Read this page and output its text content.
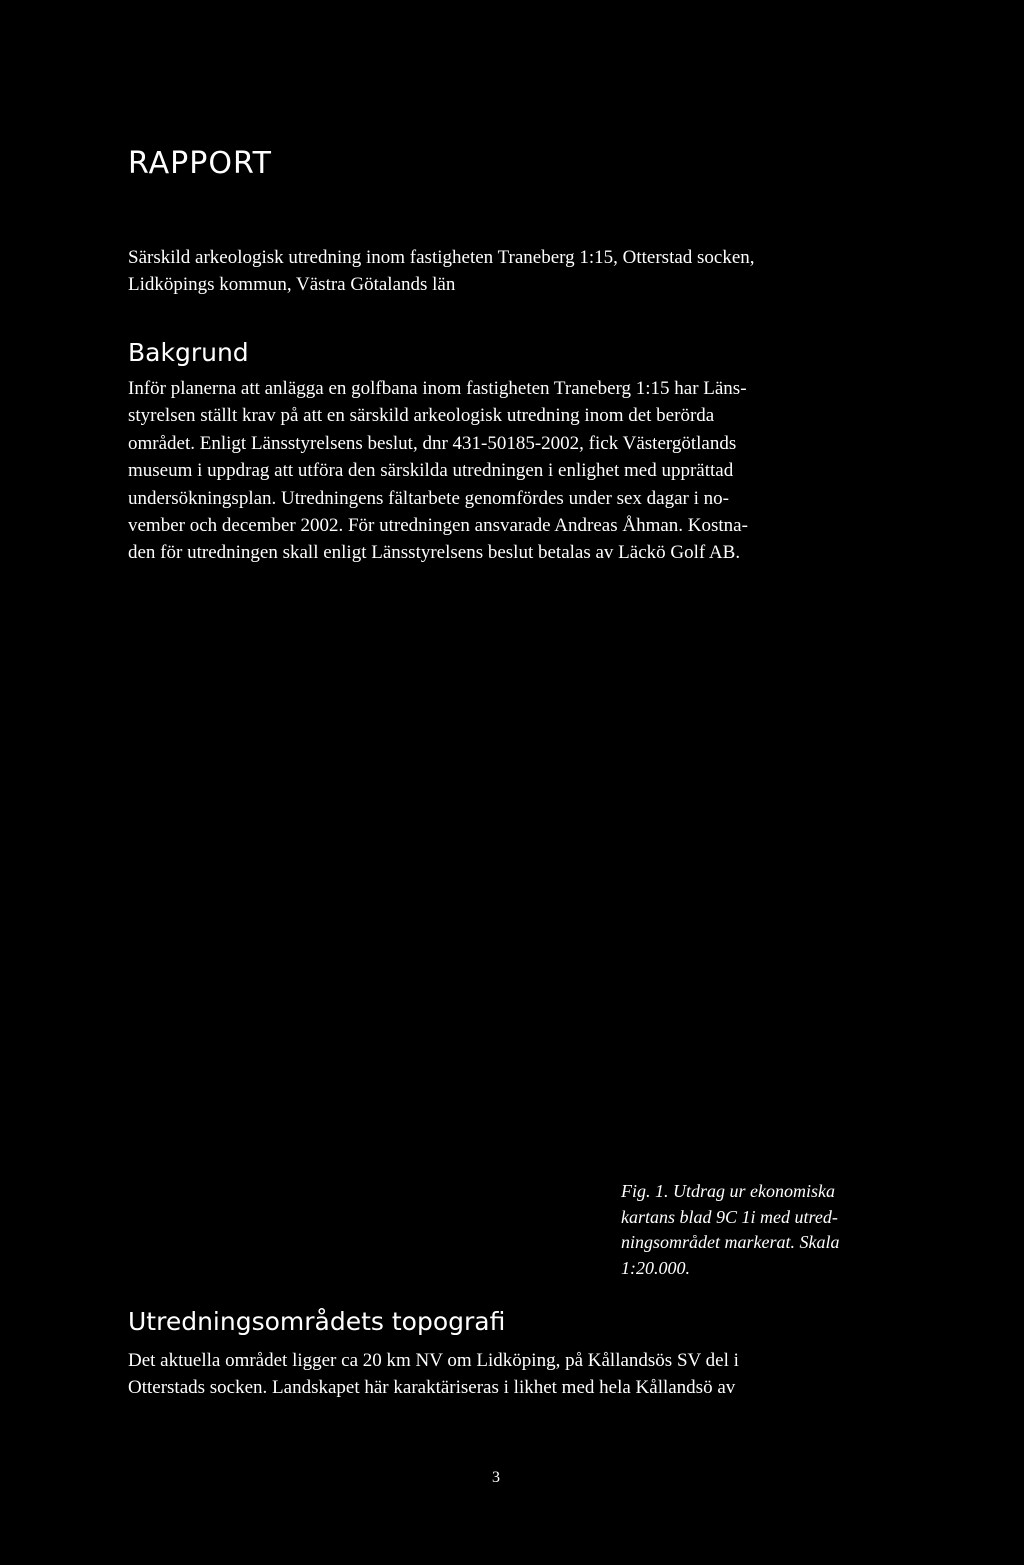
RAPPORT

Särskild arkeologisk utredning inom fastigheten Traneberg 1:15, Otterstad socken,
Lidköpings kommun, Västra Götalands län

Bakgrund

Inför planerna att anlägga en golfbana inom fastigheten Traneberg 1:15 har Läns-
styrelsen ställt krav på att en särskild arkeologisk utredning inom det berörda
området. Enligt Länsstyrelsens beslut, dnr 431-50185-2002, fick Västergötlands
museum i uppdrag att utföra den särskilda utredningen i enlighet med upprättad
undersökningsplan. Utredningens fältarbete genomfördes under sex dagar i no-
vember och december 2002. För utredningen ansvarade Andreas Åhman. Kostna-
den för utredningen skall enligt Länsstyrelsens beslut betalas av Läckö Golf AB.

Fig. 1. Utdrag ur ekonomiska
kartans blad 9C 1i med utred-
ningsområdet markerat. Skala
1:20.000.

Utredningsområdets topografi

Det aktuella området ligger ca 20 km NV om Lidköping, på Kållandsös SV del i
Otterstads socken. Landskapet här karaktäriseras i likhet med hela Kållandsö av

3
